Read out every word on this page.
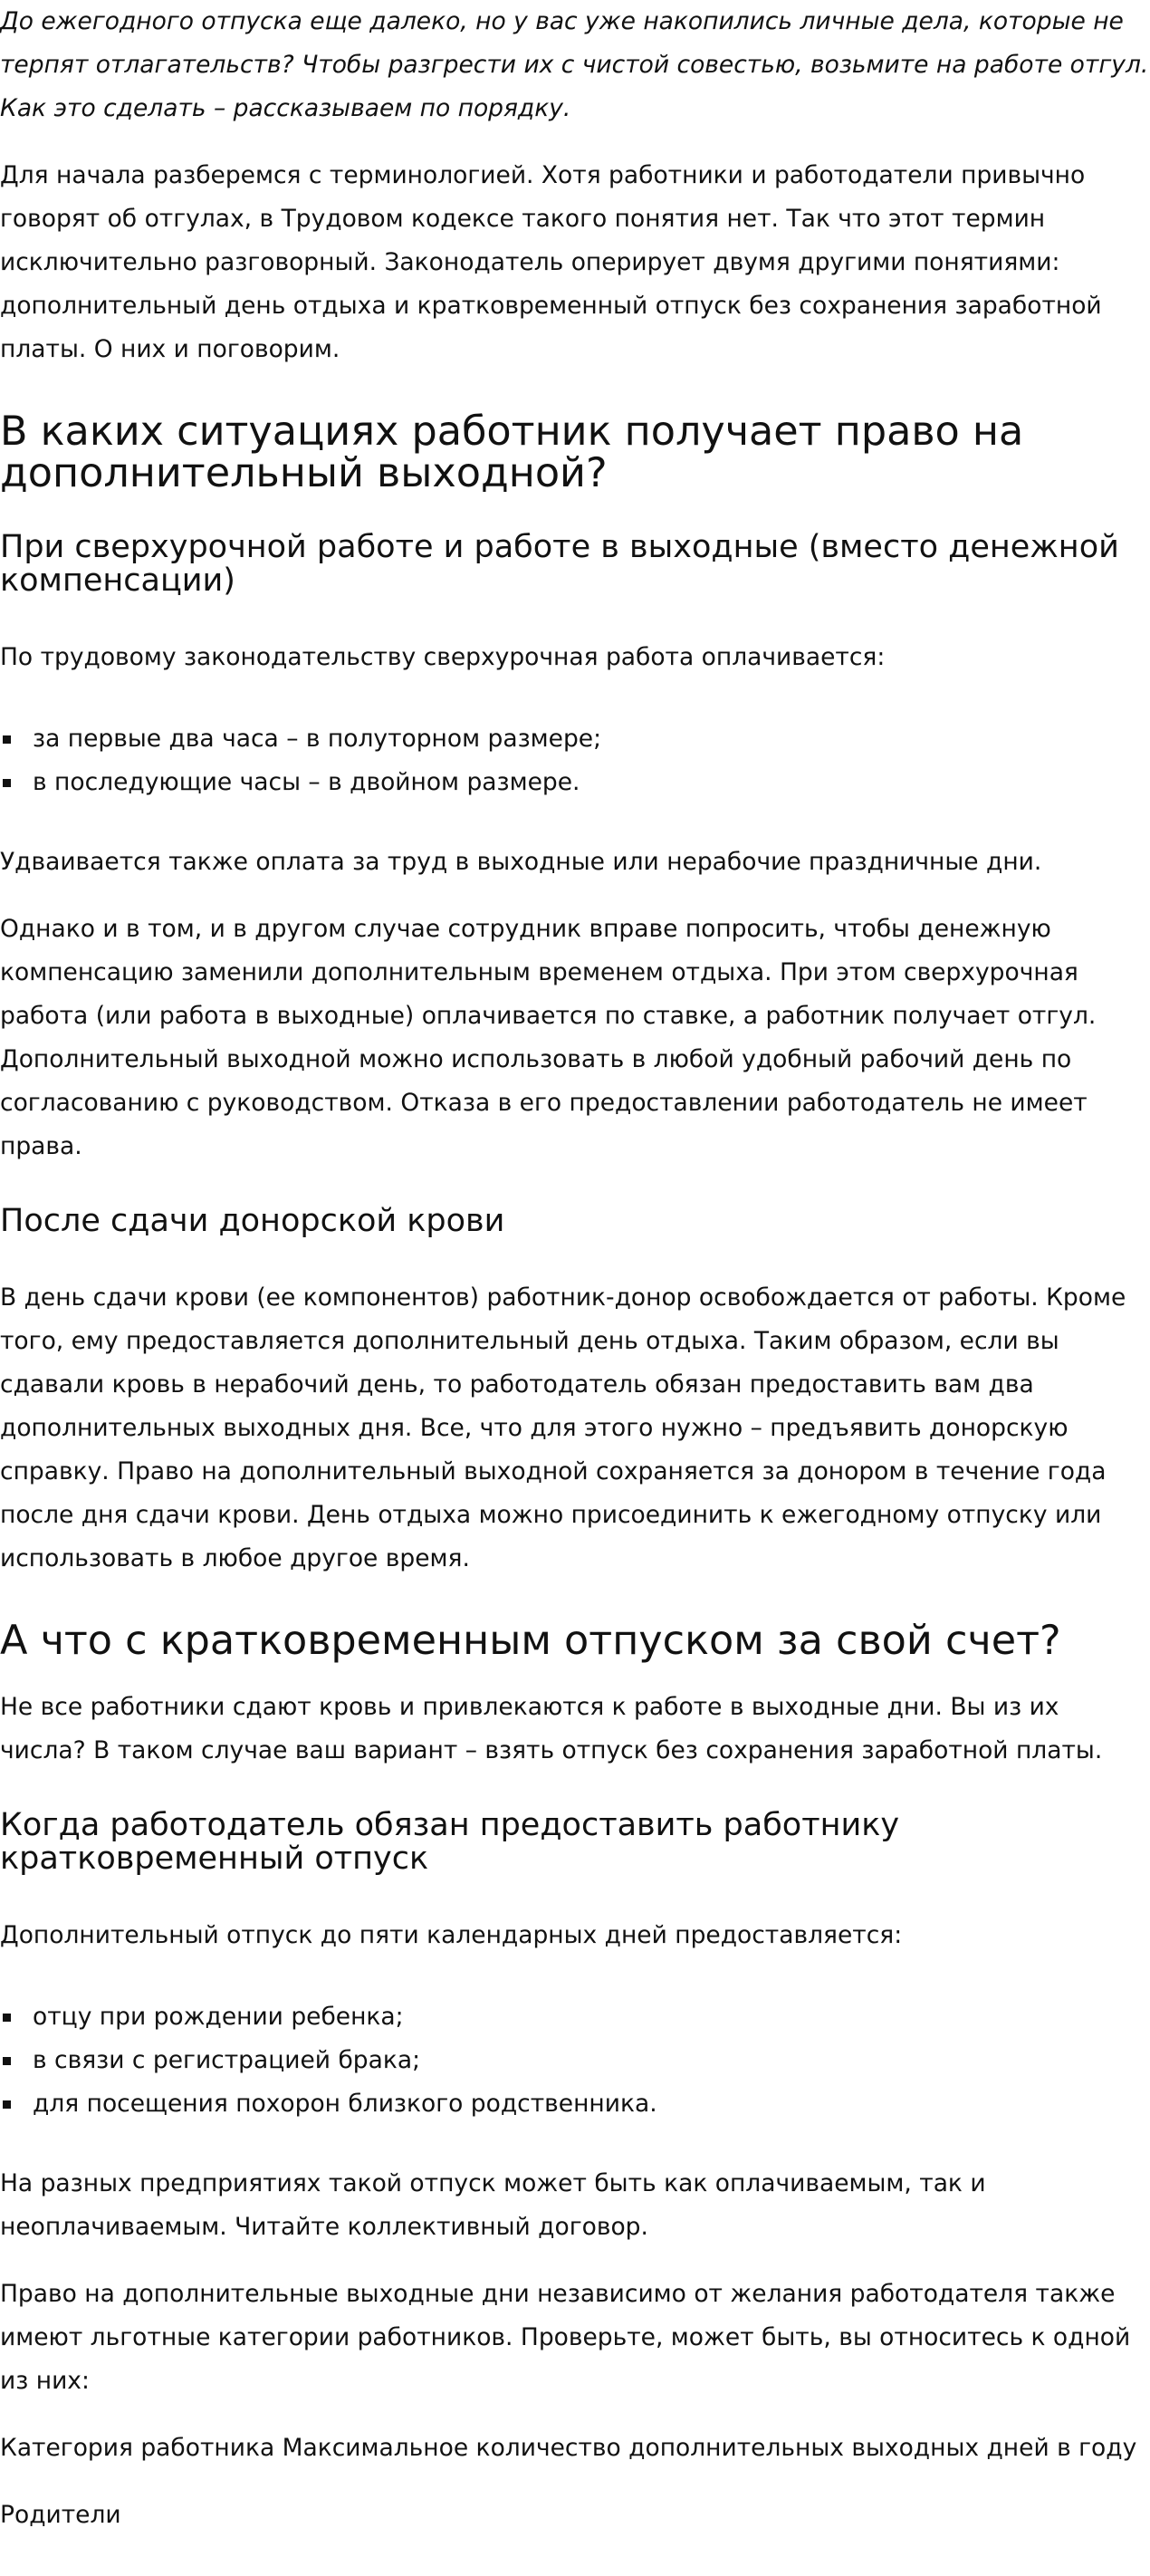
До ежегодного отпуска еще далеко, но у вас уже накопились личные дела, которые не терпят отлагательств? Чтобы разгрести их с чистой совестью, возьмите на работе отгул. Как это сделать – рассказываем по порядку.

Для начала разберемся с терминологией. Хотя работники и работодатели привычно говорят об отгулах, в Трудовом кодексе такого понятия нет. Так что этот термин исключительно разговорный. Законодатель оперирует двумя другими понятиями: дополнительный день отдыха и кратковременный отпуск без сохранения заработной платы. О них и поговорим.

В каких ситуациях работник получает право на дополнительный выходной?
При сверхурочной работе и работе в выходные (вместо денежной компенсации)

По трудовому законодательству сверхурочная работа оплачивается:

за первые два часа – в полуторном размере;
в последующие часы – в двойном размере.

Удваивается также оплата за труд в выходные или нерабочие праздничные дни.

Однако и в том, и в другом случае сотрудник вправе попросить, чтобы денежную компенсацию заменили дополнительным временем отдыха. При этом сверхурочная работа (или работа в выходные) оплачивается по ставке, а работник получает отгул. Дополнительный выходной можно использовать в любой удобный рабочий день по согласованию с руководством. Отказа в его предоставлении работодатель не имеет права.

После сдачи донорской крови

В день сдачи крови (ее компонентов) работник-донор освобождается от работы. Кроме того, ему предоставляется дополнительный день отдыха. Таким образом, если вы сдавали кровь в нерабочий день, то работодатель обязан предоставить вам два дополнительных выходных дня. Все, что для этого нужно – предъявить донорскую справку. Право на дополнительный выходной сохраняется за донором в течение года после дня сдачи крови. День отдыха можно присоединить к ежегодному отпуску или использовать в любое другое время.

А что с кратковременным отпуском за свой счет?

Не все работники сдают кровь и привлекаются к работе в выходные дни. Вы из их числа? В таком случае ваш вариант – взять отпуск без сохранения заработной платы.

Когда работодатель обязан предоставить работнику кратковременный отпуск

Дополнительный отпуск до пяти календарных дней предоставляется:

отцу при рождении ребенка;
в связи с регистрацией брака;
для посещения похорон близкого родственника.

На разных предприятиях такой отпуск может быть как оплачиваемым, так и неоплачиваемым. Читайте коллективный договор.

Право на дополнительные выходные дни независимо от желания работодателя также имеют льготные категории работников. Проверьте, может быть, вы относитесь к одной из них:

Категория работника Максимальное количество дополнительных выходных дней в году
Родители
